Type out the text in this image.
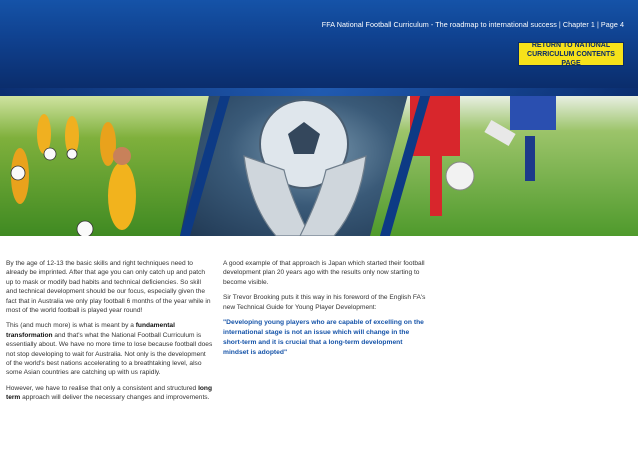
FFA National Football Curriculum - The roadmap to international success | Chapter 1 | Page 4
RETURN TO NATIONAL CURRICULUM CONTENTS PAGE

By the age of 12-13 the basic skills and right techniques need to already be imprinted. After that age you can only catch up and patch up to mask or modify bad habits and technical deficiencies. So skill and technical development should be our focus, especially given the fact that in Australia we only play football 6 months of the year while in most of the world football is played year round!

This (and much more) is what is meant by a fundamental transformation and that's what the National Football Curriculum is essentially about. We have no more time to lose because football does not stop developing to wait for Australia. Not only is the development of the world's best nations accelerating to a breathtaking level, also some Asian countries are catching up with us rapidly.

However, we have to realise that only a consistent and structured long term approach will deliver the necessary changes and improvements.

A good example of that approach is Japan which started their football development plan 20 years ago with the results only now starting to become visible.

Sir Trevor Brooking puts it this way in his foreword of the English FA's new Technical Guide for Young Player Development:

"Developing young players who are capable of excelling on the international stage is not an issue which will change in the short-term and it is crucial that a long-term development mindset is adopted"
